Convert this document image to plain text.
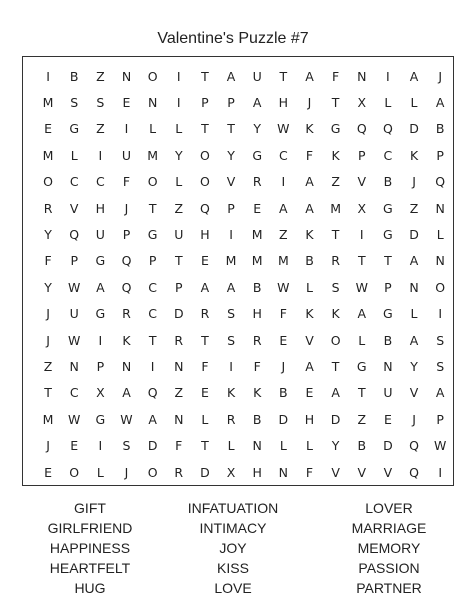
Valentine's Puzzle #7
I	B	Z	N	O	I	T	A	U	T	A	F	N	I	A	J
M	S	S	E	N	I	P	P	A	H	J	T	X	L	L	A
E	G	Z	I	L	L	T	T	Y	W	K	G	Q	Q	D	B
M	L	I	U	M	Y	O	Y	G	C	F	K	P	C	K	P
O	C	C	F	O	L	O	V	R	I	A	Z	V	B	J	Q
R	V	H	J	T	Z	Q	P	E	A	A	M	X	G	Z	N
Y	Q	U	P	G	U	H	I	M	Z	K	T	I	G	D	L
F	P	G	Q	P	T	E	M	M	M	B	R	T	T	A	N
Y	W	A	Q	C	P	A	A	B	W	L	S	W	P	N	O
J	U	G	R	C	D	R	S	H	F	K	K	A	G	L	I
J	W	I	K	T	R	T	S	R	E	V	O	L	B	A	S
Z	N	P	N	I	N	F	I	F	J	A	T	G	N	Y	S
T	C	X	A	Q	Z	E	K	K	B	E	A	T	U	V	A
M	W	G	W	A	N	L	R	B	D	H	D	Z	E	J	P
J	E	I	S	D	F	T	L	N	L	L	Y	B	D	Q	W
E	O	L	J	O	R	D	X	H	N	F	V	V	V	Q	I
GIFT
GIRLFRIEND
HAPPINESS
HEARTFELT
HUG
INFATUATION
INTIMACY
JOY
KISS
LOVE
LOVER
MARRIAGE
MEMORY
PASSION
PARTNER
